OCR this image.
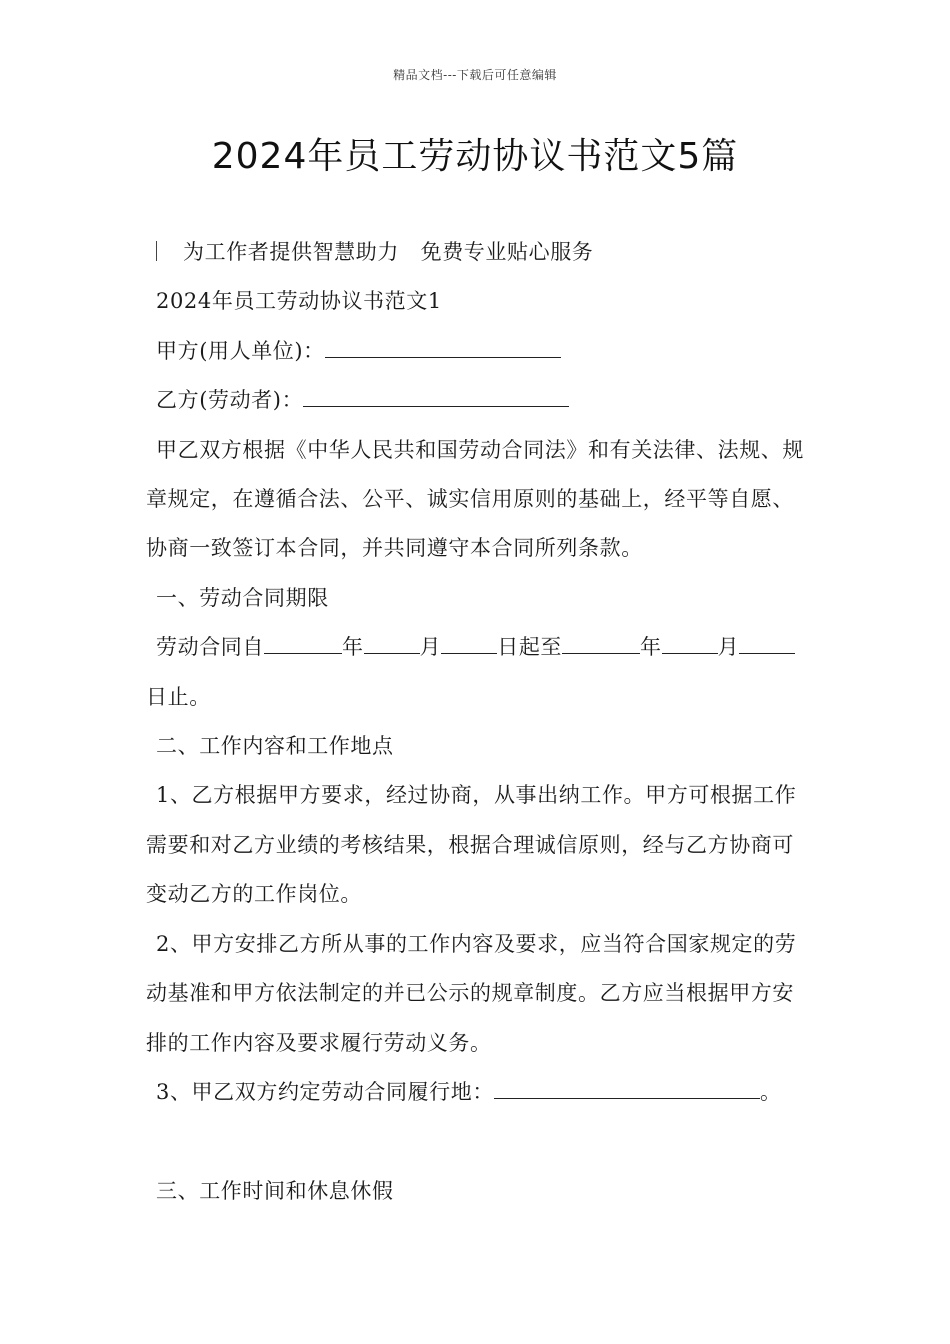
精品文档---下载后可任意编辑
2024年员工劳动协议书范文5篇

为工作者提供智慧助力　免费专业贴心服务

2024年员工劳动协议书范文1

甲方(用人单位)：

乙方(劳动者)：

甲乙双方根据《中华人民共和国劳动合同法》和有关法律、法规、规章规定，在遵循合法、公平、诚实信用原则的基础上，经平等自愿、协商一致签订本合同，并共同遵守本合同所列条款。

一、劳动合同期限

劳动合同自	年	月	日起至	年	月日止。

二、工作内容和工作地点

1、乙方根据甲方要求，经过协商，从事出纳工作。甲方可根据工作需要和对乙方业绩的考核结果，根据合理诚信原则，经与乙方协商可变动乙方的工作岗位。

2、甲方安排乙方所从事的工作内容及要求，应当符合国家规定的劳动基准和甲方依法制定的并已公示的规章制度。乙方应当根据甲方安排的工作内容及要求履行劳动义务。

3、甲乙双方约定劳动合同履行地：	。

三、工作时间和休息休假
